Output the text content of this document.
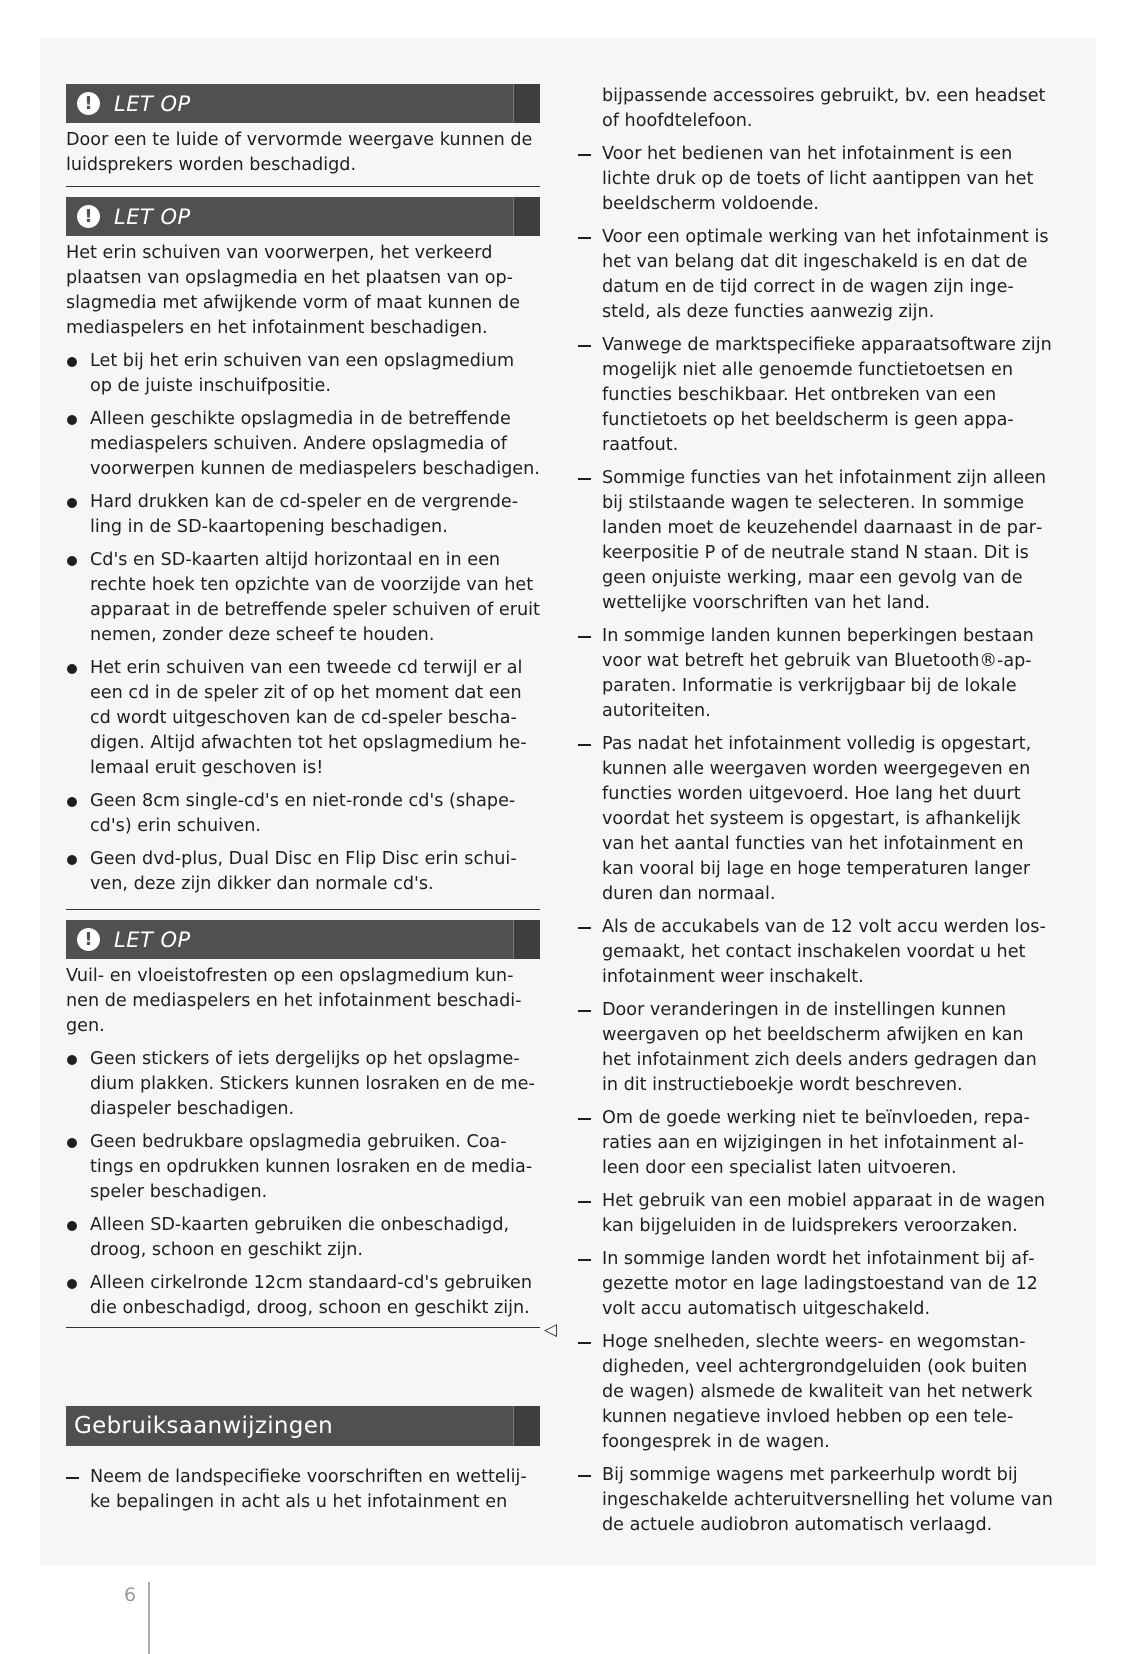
!	LET OP
Door een te luide of vervormde weergave kunnen de luidsprekers worden beschadigd.
!	LET OP
Het erin schuiven van voorwerpen, het verkeerd plaatsen van opslagmedia en het plaatsen van opslagmedia met afwijkende vorm of maat kunnen de mediaspelers en het infotainment beschadigen.
Let bij het erin schuiven van een opslagmedium op de juiste inschuifpositie.
Alleen geschikte opslagmedia in de betreffende mediaspelers schuiven. Andere opslagmedia of voorwerpen kunnen de mediaspelers beschadigen.
Hard drukken kan de cd-speler en de vergrendeling in de SD-kaartopening beschadigen.
Cd's en SD-kaarten altijd horizontaal en in een rechte hoek ten opzichte van de voorzijde van het apparaat in de betreffende speler schuiven of eruit nemen, zonder deze scheef te houden.
Het erin schuiven van een tweede cd terwijl er al een cd in de speler zit of op het moment dat een cd wordt uitgeschoven kan de cd-speler beschadigen. Altijd afwachten tot het opslagmedium helemaal eruit geschoven is!
Geen 8cm single-cd's en niet-ronde cd's (shapecd's) erin schuiven.
Geen dvd-plus, Dual Disc en Flip Disc erin schuiven, deze zijn dikker dan normale cd's.
!	LET OP
Vuil- en vloeistofresten op een opslagmedium kunnen de mediaspelers en het infotainment beschadigen.
Geen stickers of iets dergelijks op het opslagmedium plakken. Stickers kunnen losraken en de mediaspeler beschadigen.
Geen bedrukbare opslagmedia gebruiken. Coatings en opdrukken kunnen losraken en de mediaspeler beschadigen.
Alleen SD-kaarten gebruiken die onbeschadigd, droog, schoon en geschikt zijn.
Alleen cirkelronde 12cm standaard-cd's gebruiken die onbeschadigd, droog, schoon en geschikt zijn.
◁
Gebruiksaanwijzingen
Neem de landspecifieke voorschriften en wettelijke bepalingen in acht als u het infotainment en
bijpassende accessoires gebruikt, bv. een headset of hoofdtelefoon.
Voor het bedienen van het infotainment is een lichte druk op de toets of licht aantippen van het beeldscherm voldoende.
Voor een optimale werking van het infotainment is het van belang dat dit ingeschakeld is en dat de datum en de tijd correct in de wagen zijn ingesteld, als deze functies aanwezig zijn.
Vanwege de marktspecifieke apparaatsoftware zijn mogelijk niet alle genoemde functietoetsen en functies beschikbaar. Het ontbreken van een functietoets op het beeldscherm is geen apparaatfout.
Sommige functies van het infotainment zijn alleen bij stilstaande wagen te selecteren. In sommige landen moet de keuzehendel daarnaast in de parkeerpositie P of de neutrale stand N staan. Dit is geen onjuiste werking, maar een gevolg van de wettelijke voorschriften van het land.
In sommige landen kunnen beperkingen bestaan voor wat betreft het gebruik van Bluetooth®-apparaten. Informatie is verkrijgbaar bij de lokale autoriteiten.
Pas nadat het infotainment volledig is opgestart, kunnen alle weergaven worden weergegeven en functies worden uitgevoerd. Hoe lang het duurt voordat het systeem is opgestart, is afhankelijk van het aantal functies van het infotainment en kan vooral bij lage en hoge temperaturen langer duren dan normaal.
Als de accukabels van de 12 volt accu werden losgemaakt, het contact inschakelen voordat u het infotainment weer inschakelt.
Door veranderingen in de instellingen kunnen weergaven op het beeldscherm afwijken en kan het infotainment zich deels anders gedragen dan in dit instructieboekje wordt beschreven.
Om de goede werking niet te beïnvloeden, reparaties aan en wijzigingen in het infotainment alleen door een specialist laten uitvoeren.
Het gebruik van een mobiel apparaat in de wagen kan bijgeluiden in de luidsprekers veroorzaken.
In sommige landen wordt het infotainment bij afgezette motor en lage ladingstoestand van de 12 volt accu automatisch uitgeschakeld.
Hoge snelheden, slechte weers- en wegomstandigheden, veel achtergrondgeluiden (ook buiten de wagen) alsmede de kwaliteit van het netwerk kunnen negatieve invloed hebben op een telefoongesprek in de wagen.
Bij sommige wagens met parkeerhulp wordt bij ingeschakelde achteruitversnelling het volume van de actuele audiobron automatisch verlaagd.
6
